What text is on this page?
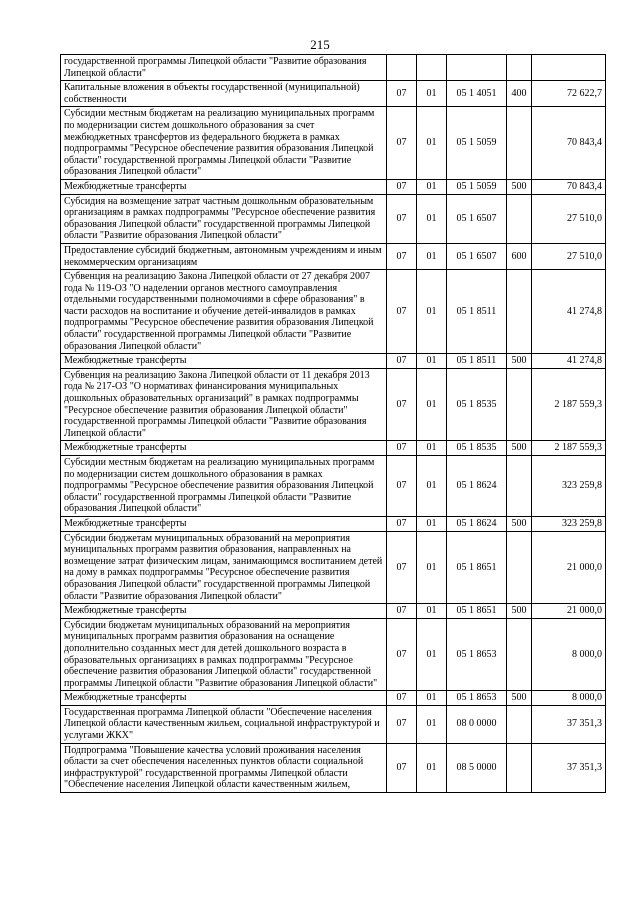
215
государственной программы Липецкой области "Развитие образования Липецкой области"					
Капитальные вложения в объекты государственной (муниципальной) собственности	07	01	05 1 4051	400	72 622,7
Субсидии местным бюджетам на реализацию муниципальных программ по модернизации систем дошкольного образования за счет межбюджетных трансфертов из федерального бюджета в рамках подпрограммы "Ресурсное обеспечение развития образования Липецкой области" государственной программы Липецкой области "Развитие образования Липецкой области"	07	01	05 1 5059		70 843,4
Межбюджетные трансферты	07	01	05 1 5059	500	70 843,4
Субсидия на возмещение затрат частным дошкольным образовательным организациям в рамках подпрограммы "Ресурсное обеспечение развития образования Липецкой области" государственной программы Липецкой области "Развитие образования Липецкой области"	07	01	05 1 6507		27 510,0
Предоставление субсидий бюджетным, автономным учреждениям и иным некоммерческим организациям	07	01	05 1 6507	600	27 510,0
Субвенция на реализацию Закона Липецкой области от 27 декабря 2007 года № 119-ОЗ "О наделении органов местного самоуправления отдельными государственными полномочиями в сфере образования" в части расходов на воспитание и обучение детей-инвалидов в рамках подпрограммы "Ресурсное обеспечение развития образования Липецкой области" государственной программы Липецкой области "Развитие образования Липецкой области"	07	01	05 1 8511		41 274,8
Межбюджетные трансферты	07	01	05 1 8511	500	41 274,8
Субвенция на реализацию Закона Липецкой области от 11 декабря 2013 года № 217-ОЗ "О нормативах финансирования муниципальных дошкольных образовательных организаций" в рамках подпрограммы "Ресурсное обеспечение развития образования Липецкой области" государственной программы Липецкой области "Развитие образования Липецкой области"	07	01	05 1 8535		2 187 559,3
Межбюджетные трансферты	07	01	05 1 8535	500	2 187 559,3
Субсидии местным бюджетам на реализацию муниципальных программ по модернизации систем дошкольного образования в рамках подпрограммы "Ресурсное обеспечение развития образования Липецкой области" государственной программы Липецкой области "Развитие образования Липецкой области"	07	01	05 1 8624		323 259,8
Межбюджетные трансферты	07	01	05 1 8624	500	323 259,8
Субсидии бюджетам муниципальных образований на мероприятия муниципальных программ развития образования, направленных на возмещение затрат физическим лицам, занимающимся воспитанием детей на дому в рамках подпрограммы "Ресурсное обеспечение развития образования Липецкой области" государственной программы Липецкой области "Развитие образования Липецкой области"	07	01	05 1 8651		21 000,0
Межбюджетные трансферты	07	01	05 1 8651	500	21 000,0
Субсидии бюджетам муниципальных образований на мероприятия муниципальных программ развития образования на оснащение дополнительно созданных мест для детей дошкольного возраста в образовательных организациях в рамках подпрограммы "Ресурсное обеспечение развития образования Липецкой области" государственной программы Липецкой области "Развитие образования Липецкой области"	07	01	05 1 8653		8 000,0
Межбюджетные трансферты	07	01	05 1 8653	500	8 000,0
Государственная программа Липецкой области "Обеспечение населения Липецкой области качественным жильем, социальной инфраструктурой и услугами ЖКХ"	07	01	08 0 0000		37 351,3
Подпрограмма "Повышение качества условий проживания населения области за счет обеспечения населенных пунктов области социальной инфраструктурой" государственной программы Липецкой области "Обеспечение населения Липецкой области качественным жильем,	07	01	08 5 0000		37 351,3
